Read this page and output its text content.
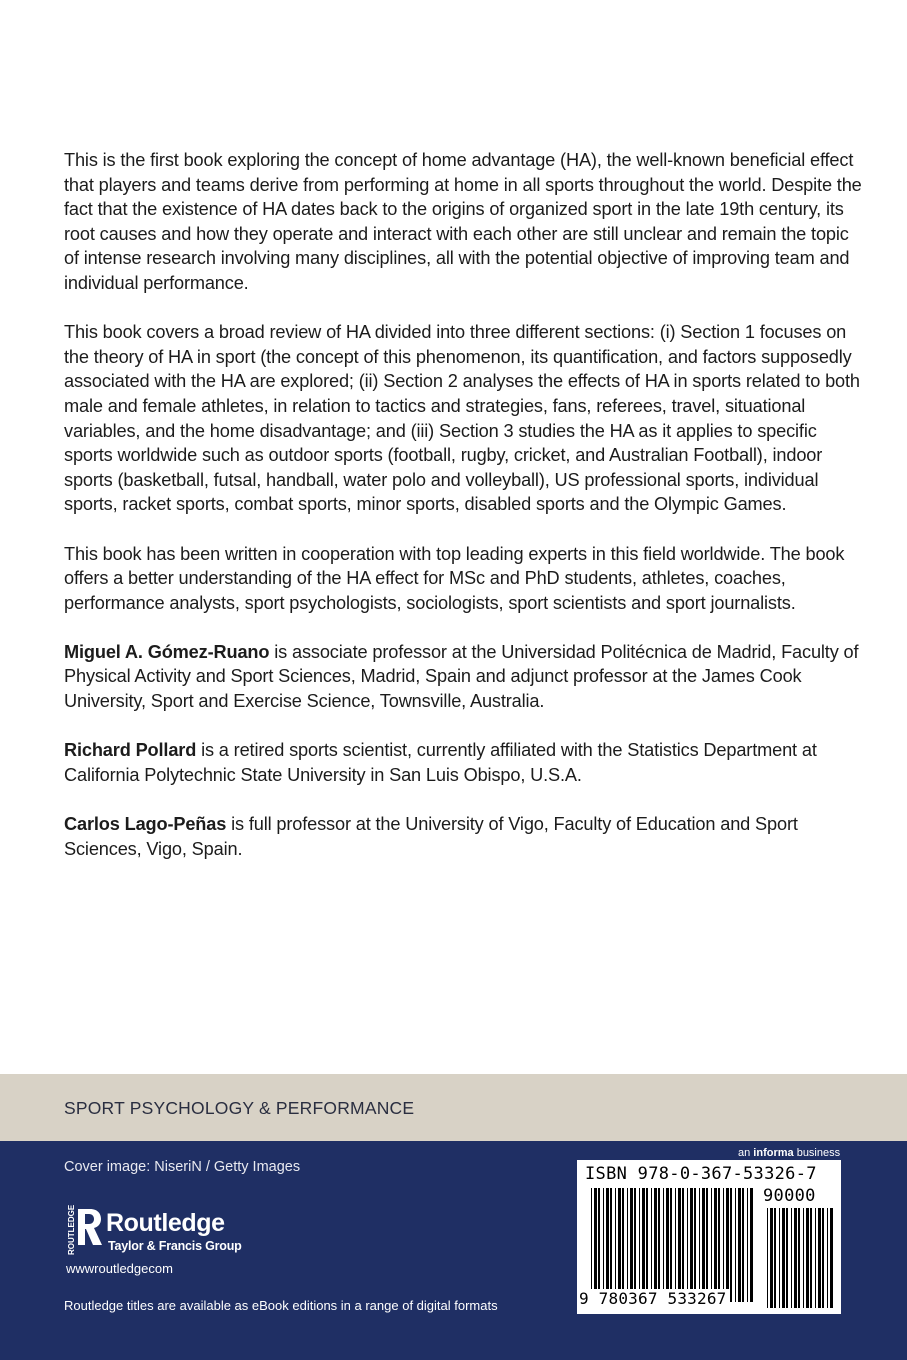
This is the first book exploring the concept of home advantage (HA), the well-known beneficial effect that players and teams derive from performing at home in all sports throughout the world. Despite the fact that the existence of HA dates back to the origins of organized sport in the late 19th century, its root causes and how they operate and interact with each other are still unclear and remain the topic of intense research involving many disciplines, all with the potential objective of improving team and individual performance.

This book covers a broad review of HA divided into three different sections: (i) Section 1 focuses on the theory of HA in sport (the concept of this phenomenon, its quantification, and factors supposedly associated with the HA are explored; (ii) Section 2 analyses the effects of HA in sports related to both male and female athletes, in relation to tactics and strategies, fans, referees, travel, situational variables, and the home disadvantage; and (iii) Section 3 studies the HA as it applies to specific sports worldwide such as outdoor sports (football, rugby, cricket, and Australian Football), indoor sports (basketball, futsal, handball, water polo and volleyball), US professional sports, individual sports, racket sports, combat sports, minor sports, disabled sports and the Olympic Games.

This book has been written in cooperation with top leading experts in this field worldwide. The book offers a better understanding of the HA effect for MSc and PhD students, athletes, coaches, performance analysts, sport psychologists, sociologists, sport scientists and sport journalists.

Miguel A. Gómez-Ruano is associate professor at the Universidad Politécnica de Madrid, Faculty of Physical Activity and Sport Sciences, Madrid, Spain and adjunct professor at the James Cook University, Sport and Exercise Science, Townsville, Australia.

Richard Pollard is a retired sports scientist, currently affiliated with the Statistics Department at California Polytechnic State University in San Luis Obispo, U.S.A.

Carlos Lago-Peñas is full professor at the University of Vigo, Faculty of Education and Sport Sciences, Vigo, Spain.

SPORT PSYCHOLOGY & PERFORMANCE
Cover image: NiseriN / Getty Images
an informa business
ROUTLEDGE Routledge
Taylor & Francis Group
wwwroutledgecom
Routledge titles are available as eBook editions in a range of digital formats
ISBN 978-0-367-53326-7
90000
9 780367 533267
